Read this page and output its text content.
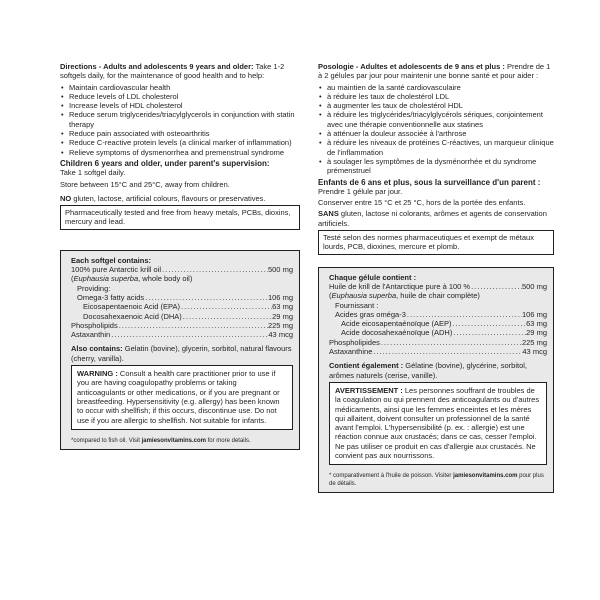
Directions - Adults and adolescents 9 years and older: Take 1-2 softgels daily, for the maintenance of good health and to help:
• Maintain cardiovascular health
• Reduce levels of LDL cholesterol
• Increase levels of HDL cholesterol
• Reduce serum triglycerides/triacylglycerols in conjunction with statin therapy
• Reduce pain associated with osteoarthritis
• Reduce C-reactive protein levels (a clinical marker of inflammation)
• Relieve symptoms of dysmenorrhea and premenstrual syndrome
Children 6 years and older, under parent's supervision:
Take 1 softgel daily.
Store between 15°C and 25°C, away from children.
NO gluten, lactose, artificial colours, flavours or preservatives.
Pharmaceutically tested and free from heavy metals, PCBs, dioxins, mercury and lead.
Each softgel contains:
100% pure Antarctic krill oil .....	500 mg
(Euphausia superba, whole body oil)
Providing:
Omega-3 fatty acids .....	106 mg
Eicosapentaenoic Acid (EPA) .....	63 mg
Docosahexaenoic Acid (DHA) .....	29 mg
Phospholipids .....	225 mg
Astaxanthin .....	43 mcg
Also contains: Gelatin (bovine), glycerin, sorbitol, natural flavours (cherry, vanilla).
WARNING : Consult a health care practitioner prior to use if you are having coagulopathy problems or taking anticoagulants or other medications, or if you are pregnant or breastfeeding. Hypersensitivity (e.g. allergy) has been known to occur with shellfish; if this occurs, discontinue use. Do not use if you are allergic to shellfish. Not suitable for infants.
*compared to fish oil. Visit jamiesonvitamins.com for more details.
Posologie - Adultes et adolescents de 9 ans et plus : Prendre de 1 à 2 gélules par jour pour maintenir une bonne santé et pour aider :
• au maintien de la santé cardiovasculaire
• à réduire les taux de cholestérol LDL
• à augmenter les taux de cholestérol HDL
• à réduire les triglycérides/triacylglycérols sériques, conjointement avec une thérapie conventionnelle aux statines
• à atténuer la douleur associée à l'arthrose
• à réduire les niveaux de protéines C-réactives, un marqueur clinique de l'inflammation
• à soulager les symptômes de la dysménorrhée et du syndrome prémenstruel
Enfants de 6 ans et plus, sous la surveillance d'un parent :
Prendre 1 gélule par jour.
Conserver entre 15 °C et 25 °C, hors de la portée des enfants.
SANS gluten, lactose ni colorants, arômes et agents de conservation artificiels.
Testé selon des normes pharmaceutiques et exempt de métaux lourds, PCB, dioxines, mercure et plomb.
Chaque gélule contient :
Huile de krill de l'Antarctique pure à 100 % .....	500 mg
(Euphausia superba, huile de chair complète)
Fournissant :
Acides gras oméga-3 .....	106 mg
Acide eicosapentaénoïque (AEP) .....	63 mg
Acide docosahexaénoïque (ADH) .....	29 mg
Phospholipides .....	225 mg
Astaxanthine .....	43 mcg
Contient également : Gélatine (bovine), glycérine, sorbitol, arômes naturels (cerise, vanille).
AVERTISSEMENT : Les personnes souffrant de troubles de la coagulation ou qui prennent des anticoagulants ou d'autres médicaments, ainsi que les femmes enceintes et les mères qui allaitent, doivent consulter un professionnel de la santé avant l'emploi. L'hypersensibilité (p. ex. : allergie) est une réaction connue aux crustacés; dans ce cas, cesser l'emploi. Ne pas utiliser ce produit en cas d'allergie aux crustacés. Ne convient pas aux nourrissons.
* comparativement à l'huile de poisson. Visiter jamiesonvitamins.com pour plus de détails.
